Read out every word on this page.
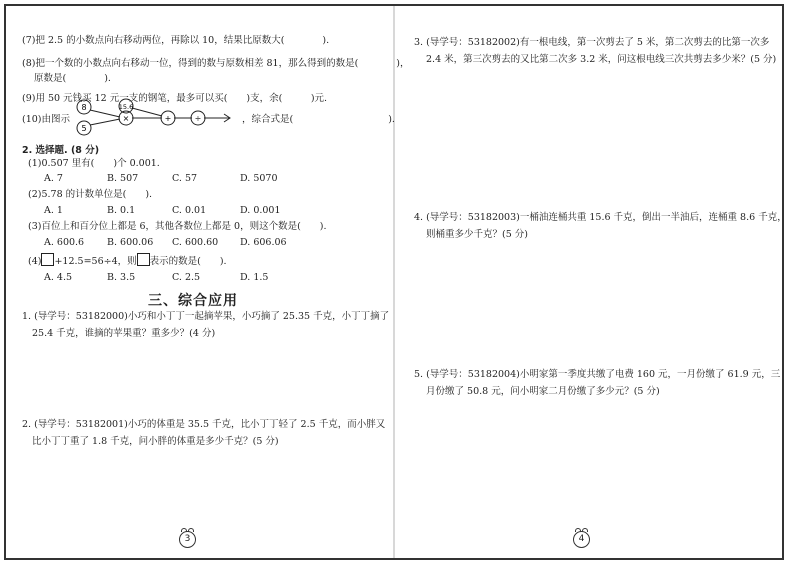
(7)把 2.5 的小数点向右移动两位，再除以 10，结果比原数大(　　　　).
(8)把一个数的小数点向右移动一位，得到的数与原数相差 81，那么得到的数是(　　　　)，
原数是(　　　　).
(9)用 50 元钱买 12 元一支的钢笔，最多可以买(　　)支，余(　　　)元.
(10)由图示
8
5
×
15.6
+	÷	，综合式是(　　　　　　　　　　).
2. 选择题. (8 分)
(1)0.507 里有(　　)个 0.001.
A. 7	B. 507	C. 57	D. 5070
(2)5.78 的计数单位是(　　).
A. 1	B. 0.1	C. 0.01	D. 0.001
(3)百位上和百分位上都是 6，其他各数位上都是 0，则这个数是(　　).
A. 600.6 B. 600.06 C. 600.60 D. 606.06
(4) +12.5=56÷4，则 表示的数是(　　).
A. 4.5	B. 3.5	C. 2.5	D. 1.5
三、综合应用
1. (导学号：53182000)小巧和小丁丁一起摘苹果，小巧摘了 25.35 千克，小丁丁摘了
25.4 千克，谁摘的苹果重？重多少？(4 分)
2. (导学号：53182001)小巧的体重是 35.5 千克，比小丁丁轻了 2.5 千克，而小胖又
比小丁丁重了 1.8 千克，问小胖的体重是多少千克？(5 分)
3
3. (导学号：53182002)有一根电线，第一次剪去了 5 米，第二次剪去的比第一次多
2.4 米，第三次剪去的又比第二次多 3.2 米，问这根电线三次共剪去多少米？(5 分)
4. (导学号：53182003)一桶油连桶共重 15.6 千克，倒出一半油后，连桶重 8.6 千克，
则桶重多少千克？(5 分)
5. (导学号：53182004)小明家第一季度共缴了电费 160 元，一月份缴了 61.9 元，三
月份缴了 50.8 元，问小明家二月份缴了多少元？(5 分)
4
